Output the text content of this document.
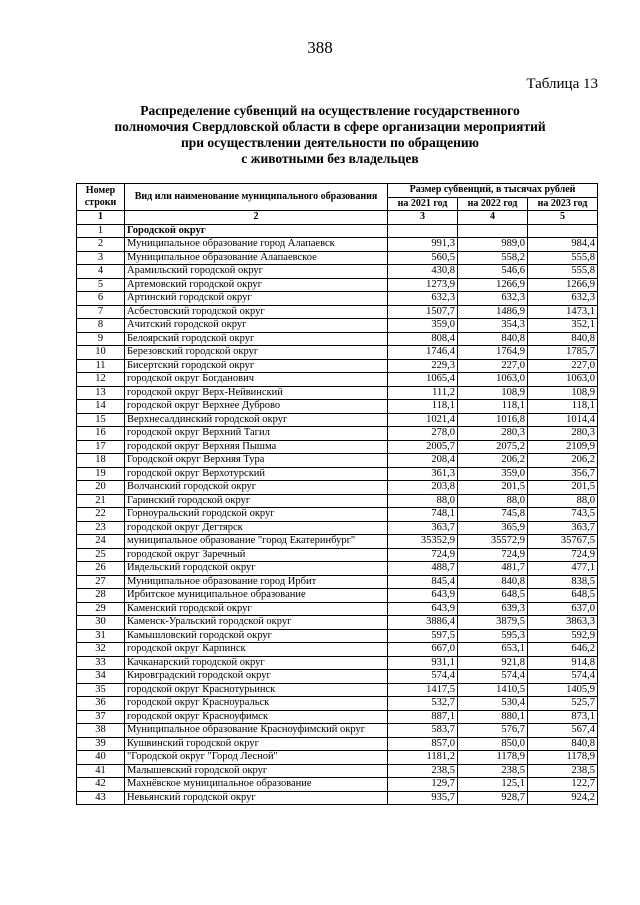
388
Таблица 13
Распределение субвенций на осуществление государственного
полномочия Свердловской области в сфере организации мероприятий
при осуществлении деятельности по обращению
с животными без владельцев
Номер строки	Вид или наименование муниципального образования	Размер субвенций, в тысячах рублей		
		на 2021 год	на 2022 год	на 2023 год
1	2	3	4	5
1	Городской округ			
2	Муниципальное образование город Алапаевск	991,3	989,0	984,4
3	Муниципальное образование Алапаевское	560,5	558,2	555,8
4	Арамильский городской округ	430,8	546,6	555,8
5	Артемовский городской округ	1273,9	1266,9	1266,9
6	Артинский городской округ	632,3	632,3	632,3
7	Асбестовский городской округ	1507,7	1486,9	1473,1
8	Ачитский городской округ	359,0	354,3	352,1
9	Белоярский городской округ	808,4	840,8	840,8
10	Березовский городской округ	1746,4	1764,9	1785,7
11	Бисертский городской округ	229,3	227,0	227,0
12	городской округ Богданович	1065,4	1063,0	1063,0
13	городской округ Верх-Нейвинский	111,2	108,9	108,9
14	городской округ Верхнее Дуброво	118,1	118,1	118,1
15	Верхнесалдинский городской округ	1021,4	1016,8	1014,4
16	городской округ Верхний Тагил	278,0	280,3	280,3
17	городской округ Верхняя Пышма	2005,7	2075,2	2109,9
18	Городской округ Верхняя Тура	208,4	206,2	206,2
19	городской округ Верхотурский	361,3	359,0	356,7
20	Волчанский городской округ	203,8	201,5	201,5
21	Гаринский городской округ	88,0	88,0	88,0
22	Горноуральский городской округ	748,1	745,8	743,5
23	городской округ Дегтярск	363,7	365,9	363,7
24	муниципальное образование "город Екатеринбург"	35352,9	35572,9	35767,5
25	городской округ Заречный	724,9	724,9	724,9
26	Ивдельский городской округ	488,7	481,7	477,1
27	Муниципальное образование город Ирбит	845,4	840,8	838,5
28	Ирбитское муниципальное образование	643,9	648,5	648,5
29	Каменский городской округ	643,9	639,3	637,0
30	Каменск-Уральский городской округ	3886,4	3879,5	3863,3
31	Камышловский городской округ	597,5	595,3	592,9
32	городской округ Карпинск	667,0	653,1	646,2
33	Качканарский городской округ	931,1	921,8	914,8
34	Кировградский городской округ	574,4	574,4	574,4
35	городской округ Краснотурьинск	1417,5	1410,5	1405,9
36	городской округ Красноуральск	532,7	530,4	525,7
37	городской округ Красноуфимск	887,1	880,1	873,1
38	Муниципальное образование Красноуфимский округ	583,7	576,7	567,4
39	Кушвинский городской округ	857,0	850,0	840,8
40	"Городской округ "Город Лесной"	1181,2	1178,9	1178,9
41	Малышевский городской округ	238,5	238,5	238,5
42	Махнёвское муниципальное образование	129,7	125,1	122,7
43	Невьянский городской округ	935,7	928,7	924,2
